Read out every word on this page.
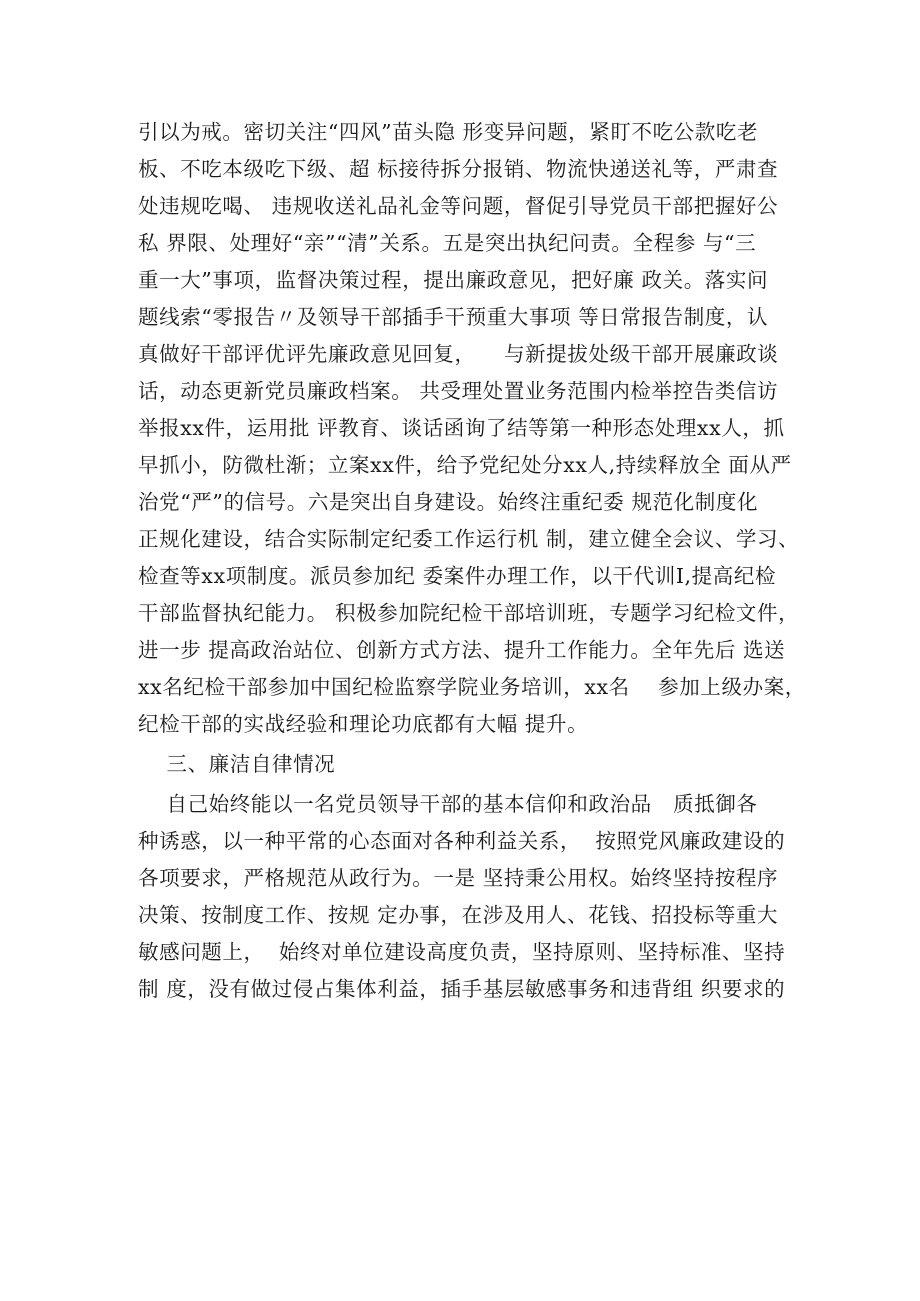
引以为戒。密切关注“四风”苗头隐 形变异问题，紧盯不吃公款吃老
板、不吃本级吃下级、超 标接待拆分报销、物流快递送礼等，严肃查
处违规吃喝、 违规收送礼品礼金等问题，督促引导党员干部把握好公
私 界限、处理好“亲”“清”关系。五是突出执纪问责。全程参 与“三
重一大”事项，监督决策过程，提出廉政意见，把好廉 政关。落实问
题线索“零报告〃及领导干部插手干预重大事项 等日常报告制度，认
真做好干部评优评先廉政意见回复，    与新提拔处级干部开展廉政谈
话，动态更新党员廉政档案。 共受理处置业务范围内检举控告类信访
举报xx件，运用批 评教育、谈话函询了结等第一种形态处理xx人，抓
早抓小，防微杜渐；立案xx件，给予党纪处分xx人,持续释放全 面从严
治党“严”的信号。六是突出自身建设。始终注重纪委 规范化制度化
正规化建设，结合实际制定纪委工作运行机 制，建立健全会议、学习、
检查等xx项制度。派员参加纪 委案件办理工作，以干代训I,提高纪检
干部监督执纪能力。 积极参加院纪检干部培训班，专题学习纪检文件，
进一步 提高政治站位、创新方式方法、提升工作能力。全年先后 选送
xx名纪检干部参加中国纪检监察学院业务培训，xx名    参加上级办案，
纪检干部的实战经验和理论功底都有大幅 提升。
三、廉洁自律情况
自己始终能以一名党员领导干部的基本信仰和政治品   质抵御各
种诱惑，以一种平常的心态面对各种利益关系，  按照党风廉政建设的
各项要求，严格规范从政行为。一是 坚持秉公用权。始终坚持按程序
决策、按制度工作、按规 定办事，在涉及用人、花钱、招投标等重大
敏感问题上，  始终对单位建设高度负责，坚持原则、坚持标准、坚持
制 度，没有做过侵占集体利益，插手基层敏感事务和违背组 织要求的
